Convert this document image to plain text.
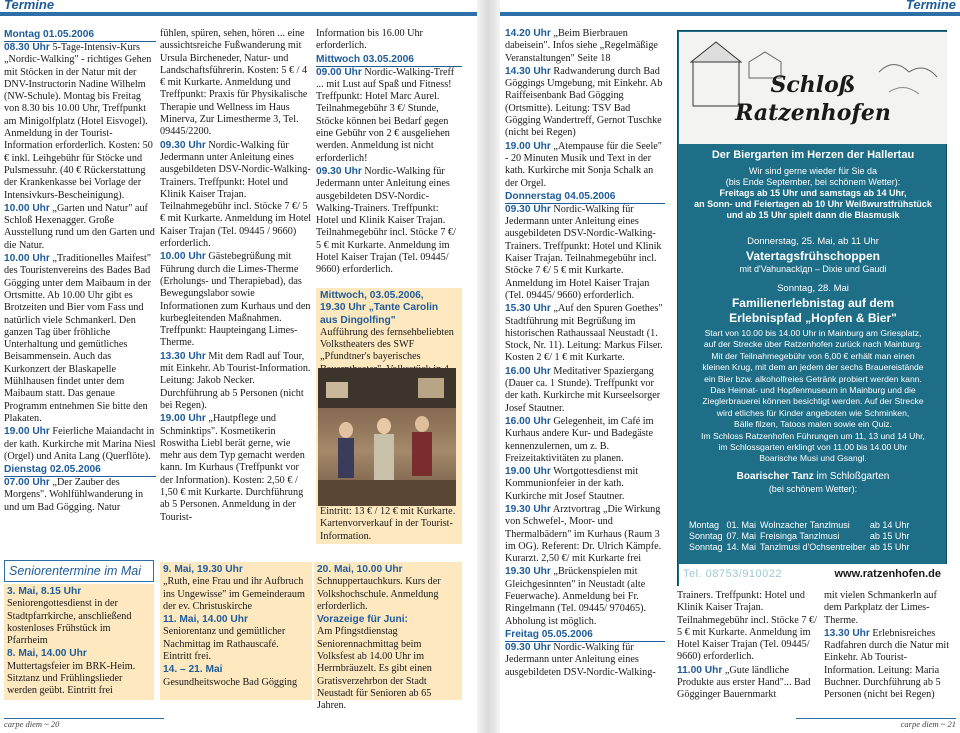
Termine	Termine
Montag 01.05.2006

08.30 Uhr 5-Tage-Intensiv-Kurs „Nordic-Walking" - richtiges Gehen mit Stöcken in der Natur mit der DNV-Instructorin Nadine Wilhelm (NW-Schule). Montag bis Freitag von 8.30 bis 10.00 Uhr, Treffpunkt am Minigolfplatz (Hotel Eisvogel). Anmeldung in der Tourist-Information erforderlich. Kosten: 50 € inkl. Leihgebühr für Stöcke und Pulsmessuhr. (40 € Rückerstattung der Krankenkasse bei Vorlage der Intensivkurs-Bescheinigung).

10.00 Uhr „Garten und Natur" auf Schloß Hexenagger. Große Ausstellung rund um den Garten und die Natur.

10.00 Uhr „Traditionelles Maifest" des Touristenvereins des Bades Bad Gögging unter dem Maibaum in der Ortsmitte. Ab 10.00 Uhr gibt es Brotzeiten und Bier vom Fass und natürlich viele Schmankerl. Den ganzen Tag über fröhliche Unterhaltung und gemütliches Beisammensein. Auch das Kurkonzert der Blaskapelle Mühlhausen findet unter dem Maibaum statt. Das genaue Programm entnehmen Sie bitte den Plakaten.

19.00 Uhr Feierliche Maiandacht in der kath. Kurkirche mit Marina Niesl (Orgel) und Anita Lang (Querflöte).

Dienstag 02.05.2006

07.00 Uhr „Der Zauber des Morgens". Wohlfühlwanderung in und um Bad Gögging. Natur

fühlen, spüren, sehen, hören ... eine aussichtsreiche Fußwanderung mit Ursula Bircheneder, Natur- und Landschaftsführerin. Kosten: 5 € / 4 € mit Kurkarte. Anmeldung und Treffpunkt: Praxis für Physikalische Therapie und Wellness im Haus Minerva, Zur Limestherme 3, Tel. 09445/2200.

09.30 Uhr Nordic-Walking für Jedermann unter Anleitung eines ausgebildeten DSV-Nordic-Walking-Trainers. Treffpunkt: Hotel und Klinik Kaiser Trajan. Teilnahmegebühr incl. Stöcke 7 €/ 5 € mit Kurkarte. Anmeldung im Hotel Kaiser Trajan (Tel. 09445 / 9660) erforderlich.

10.00 Uhr Gästebegrüßung mit Führung durch die Limes-Therme (Erholungs- und Therapiebad), das Bewegungslabor sowie Informationen zum Kurhaus und den kurbegleitenden Maßnahmen. Treffpunkt: Haupteingang Limes-Therme.

13.30 Uhr Mit dem Radl auf Tour, mit Einkehr. Ab Tourist-Information. Leitung: Jakob Necker. Durchführung ab 5 Personen (nicht bei Regen).

19.00 Uhr „Hautpflege und Schminktips". Kosmetikerin Roswitha Liebl berät gerne, wie mehr aus dem Typ gemacht werden kann. Im Kurhaus (Treffpunkt vor der Information). Kosten: 2,50 € / 1,50 € mit Kurkarte. Durchführung ab 5 Personen. Anmeldung in der Tourist-

Information bis 16.00 Uhr erforderlich.

Mittwoch 03.05.2006

09.00 Uhr Nordic-Walking-Treff ... mit Lust auf Spaß und Fitness! Treffpunkt: Hotel Marc Aurel. Teilnahmegebühr 3 €/ Stunde, Stöcke können bei Bedarf gegen eine Gebühr von 2 € ausgeliehen werden. Anmeldung ist nicht erforderlich!

09.30 Uhr Nordic-Walking für Jedermann unter Anleitung eines ausgebildeten DSV-Nordic-Walking-Trainers. Treffpunkt: Hotel und Klinik Kaiser Trajan. Teilnahmegebühr incl. Stöcke 7 €/ 5 € mit Kurkarte. Anmeldung im Hotel Kaiser Trajan (Tel. 09445/ 9660) erforderlich.

Mittwoch, 03.05.2006,
19.30 Uhr „Tante Carolin aus Dingolfing"
Aufführung des fernsehbeliebten Volkstheaters des SWF „Pfundtner's bayerisches
Eintritt: 13 € / 12 € mit Kurkarte. Kartenvorverkauf in der Tourist-Information.
Seniorentermine im Mai
3. Mai, 8.15 Uhr
Seniorengottesdienst in der Stadtpfarrkirche, anschließend kostenloses Frühstück im Pfarrheim
8. Mai, 14.00 Uhr
Muttertagsfeier im BRK-Heim. Sitztanz und Frühlingslieder werden geübt. Eintritt frei
9. Mai, 19.30 Uhr
„Ruth, eine Frau und ihr Aufbruch ins Ungewisse" im Gemeinderaum der ev. Christuskirche
11. Mai, 14.00 Uhr
Seniorentanz und gemütlicher Nachmittag im Rathauscafé. Eintritt frei.
14. – 21. Mai
Gesundheitswoche Bad Gögging
20. Mai, 10.00 Uhr
Schnuppertauchkurs. Kurs der Volkshochschule. Anmeldung erforderlich.
Vorazeige für Juni:
Am Pfingstdienstag Seniorennachmittag beim Volksfest ab 14.00 Uhr im Herrnbräuzelt. Es gibt einen Gratisverzehrbon der Stadt Neustadt für Senioren ab 65 Jahren.

14.20 Uhr „Beim Bierbrauen dabeisein". Infos siehe „Regelmäßige Veranstaltungen" Seite 18

14.30 Uhr Radwanderung durch Bad Göggings Umgebung, mit Einkehr. Ab Raiffeisenbank Bad Gögging (Ortsmitte). Leitung: TSV Bad Gögging Wandertreff, Gernot Tuschke (nicht bei Regen)

19.00 Uhr „Atempause für die Seele" - 20 Minuten Musik und Text in der kath. Kurkirche mit Sonja Schalk an der Orgel.

Donnerstag 04.05.2006

09.30 Uhr Nordic-Walking für Jedermann unter Anleitung eines ausgebildeten DSV-Nordic-Walking-Trainers. Treffpunkt: Hotel und Klinik Kaiser Trajan. Teilnahmegebühr incl. Stöcke 7 €/ 5 € mit Kurkarte. Anmeldung im Hotel Kaiser Trajan (Tel. 09445/ 9660) erforderlich.

15.30 Uhr „Auf den Spuren Goethes" Stadtführung mit Begrüßung im historischen Rathaussaal Neustadt (1. Stock, Nr. 11). Leitung: Markus Filser. Kosten 2 €/ 1 € mit Kurkarte.

16.00 Uhr Meditativer Spaziergang (Dauer ca. 1 Stunde). Treffpunkt vor der kath. Kurkirche mit Kurseelsorger Josef Stautner.

16.00 Uhr Gelegenheit, im Café im Kurhaus andere Kur- und Badegäste kennenzulernen, um z. B. Freizeitaktivitäten zu planen.

19.00 Uhr Wortgottesdienst mit Kommunionfeier in der kath. Kurkirche mit Josef Stautner.

19.30 Uhr Arztvortrag „Die Wirkung von Schwefel-, Moor- und Thermalbädern" im Kurhaus (Raum 3 im OG). Referent: Dr. Ulrich Kämpfe. Kurarzt. 2,50 €/ mit Kurkarte frei

19.30 Uhr „Brückenspielen mit Gleichgesinnten" in Neustadt (alte Feuerwache). Anmeldung bei Fr. Ringelmann (Tel. 09445/ 970465). Abholung ist möglich.

Freitag 05.05.2006

09.30 Uhr Nordic-Walking für Jedermann unter Anleitung eines ausgebildeten DSV-Nordic-Walking-

Trainers. Treffpunkt: Hotel und Klinik Kaiser Trajan. Teilnahmegebühr incl. Stöcke 7 €/ 5 € mit Kurkarte. Anmeldung im Hotel Kaiser Trajan (Tel. 09445/ 9660) erforderlich.

11.00 Uhr „Gute ländliche Produkte aus erster Hand"... Bad Gögginger Bauernmarkt

mit vielen Schmankerln auf dem Parkplatz der Limes-Therme.

13.30 Uhr Erlebnisreiches Radfahren durch die Natur mit Einkehr. Ab Tourist-Information. Leitung: Maria Buchner. Durchführung ab 5 Personen (nicht bei Regen)

Schloß
Ratzenhofen
Der Biergarten im Herzen der Hallertau
Wir sind gerne wieder für Sie da
(bis Ende September, bei schönem Wetter):
Freitags ab 15 Uhr und samstags ab 14 Uhr,
an Sonn- und Feiertagen ab 10 Uhr Weißwurstfrühstück
und ab 15 Uhr spielt dann die Blasmusik
Donnerstag, 25. Mai, ab 11 Uhr
Vatertagsfrühschoppen
mit d'Vahunacklдn – Dixie und Gaudi
Sonntag, 28. Mai
Familienerlebnistag auf dem
Erlebnispfad „Hopfen & Bier"
Start von 10.00 bis 14.00 Uhr in Mainburg am Griesplatz,
auf der Strecke über Ratzenhofen zurück nach Mainburg.
Mit der Teilnahmegebühr von 6,00 € erhält man einen
kleinen Krug, mit dem an jedem der sechs Brauereistände
ein Bier bzw. alkoholfreies Getränk probiert werden kann.
Das Heimat- und Hopfenmuseum in Mainburg und die
Zieglerbrauerei können besichtigt werden. Auf der Strecke
wird etliches für Kinder angeboten wie Schminken,
Bälle filzen, Tatoos malen sowie ein Quiz.
Im Schloss Ratzenhofen Führungen um 11, 13 und 14 Uhr,
im Schlossgarten erklingt von 11.00 bis 14.00 Uhr
Boarische Musi und Gsangl.
Boarischer Tanz im Schloßgarten
(bei schönem Wetter):
Tel. 08753/910022	www.ratzenhofen.de
Montag	01. Mai	Wolnzacher Tanzlmusi	ab 14 Uhr
Sonntag	07. Mai	Freisinga Tanzlmusi	ab 15 Uhr
Sonntag	14. Mai	Tanzlmusi d'Ochsentreiber	ab 15 Uhr
carpe diem ~ 20	carpe diem ~ 21
